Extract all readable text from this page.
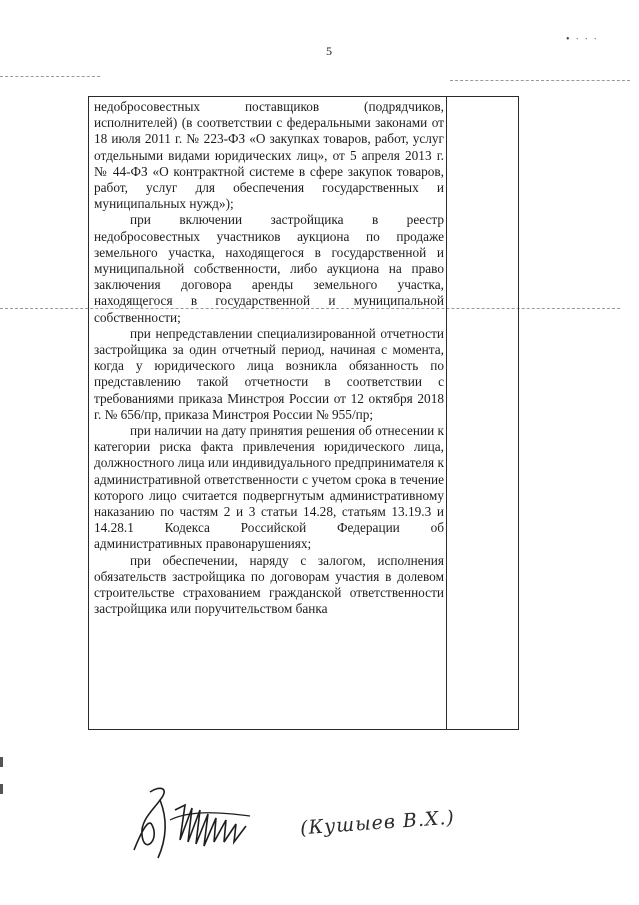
5
• ∙ ∙ ∙

недобросовестных поставщиков (подрядчиков, исполнителей) (в соответствии с федеральными законами от 18 июля 2011 г. № 223-ФЗ «О закупках товаров, работ, услуг отдельными видами юридических лиц», от 5 апреля 2013 г. № 44-ФЗ «О контрактной системе в сфере закупок товаров, работ, услуг для обеспечения государственных и муниципальных нужд»);

при включении застройщика в реестр недобросовестных участников аукциона по продаже земельного участка, находящегося в государственной и муниципальной собственности, либо аукциона на право заключения договора аренды земельного участка, находящегося в государственной и муниципальной собственности;

при непредставлении специализированной отчетности застройщика за один отчетный период, начиная с момента, когда у юридического лица возникла обязанность по представлению такой отчетности в соответствии с требованиями приказа Минстроя России от 12 октября 2018 г. № 656/пр, приказа Минстроя России № 955/пр;

при наличии на дату принятия решения об отнесении к категории риска факта привлечения юридического лица, должностного лица или индивидуального предпринимателя к административной ответственности с учетом срока в течение которого лицо считается подвергнутым административному наказанию по частям 2 и 3 статьи 14.28, статьям 13.19.3 и 14.28.1 Кодекса Российской Федерации об административных правонарушениях;

при обеспечении, наряду с залогом, исполнения обязательств застройщика по договорам участия в долевом строительстве страхованием гражданской ответственности застройщика или поручительством банка

(Кушыев В.Х.)
